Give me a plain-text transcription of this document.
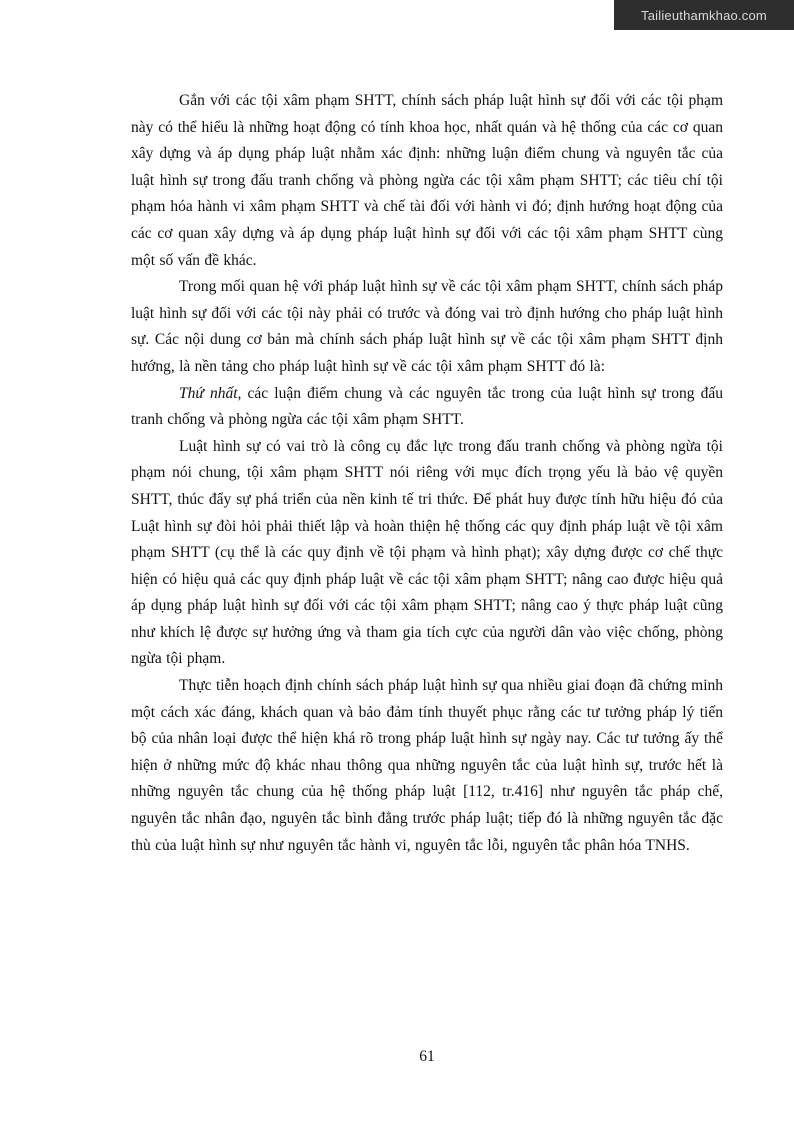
Tailieuthamkhao.com

Gắn với các tội xâm phạm SHTT, chính sách pháp luật hình sự đối với các tội phạm này có thể hiểu là những hoạt động có tính khoa học, nhất quán và hệ thống của các cơ quan xây dựng và áp dụng pháp luật nhằm xác định: những luận điểm chung và nguyên tắc của luật hình sự trong đấu tranh chống và phòng ngừa các tội xâm phạm SHTT; các tiêu chí tội phạm hóa hành vi xâm phạm SHTT và chế tài đối với hành vi đó; định hướng hoạt động của các cơ quan xây dựng và áp dụng pháp luật hình sự đối với các tội xâm phạm SHTT cùng một số vấn đề khác.

Trong mối quan hệ với pháp luật hình sự về các tội xâm phạm SHTT, chính sách pháp luật hình sự đối với các tội này phải có trước và đóng vai trò định hướng cho pháp luật hình sự. Các nội dung cơ bản mà chính sách pháp luật hình sự về các tội xâm phạm SHTT định hướng, là nền tảng cho pháp luật hình sự về các tội xâm phạm SHTT đó là:

Thứ nhất, các luận điểm chung và các nguyên tắc trong của luật hình sự trong đấu tranh chống và phòng ngừa các tội xâm phạm SHTT.

Luật hình sự có vai trò là công cụ đắc lực trong đấu tranh chống và phòng ngừa tội phạm nói chung, tội xâm phạm SHTT nói riêng với mục đích trọng yếu là bảo vệ quyền SHTT, thúc đẩy sự phá triển của nền kinh tế tri thức. Để phát huy được tính hữu hiệu đó của Luật hình sự đòi hỏi phải thiết lập và hoàn thiện hệ thống các quy định pháp luật về tội xâm phạm SHTT (cụ thể là các quy định về tội phạm và hình phạt); xây dựng được cơ chế thực hiện có hiệu quả các quy định pháp luật về các tội xâm phạm SHTT; nâng cao được hiệu quả áp dụng pháp luật hình sự đối với các tội xâm phạm SHTT; nâng cao ý thực pháp luật cũng như khích lệ được sự hưởng ứng và tham gia tích cực của người dân vào việc chống, phòng ngừa tội phạm.

Thực tiễn hoạch định chính sách pháp luật hình sự qua nhiều giai đoạn đã chứng minh một cách xác đáng, khách quan và bảo đảm tính thuyết phục rằng các tư tưởng pháp lý tiến bộ của nhân loại được thể hiện khá rõ trong pháp luật hình sự ngày nay. Các tư tưởng ấy thể hiện ở những mức độ khác nhau thông qua những nguyên tắc của luật hình sự, trước hết là những nguyên tắc chung của hệ thống pháp luật [112, tr.416] như nguyên tắc pháp chế, nguyên tắc nhân đạo, nguyên tắc bình đẳng trước pháp luật; tiếp đó là những nguyên tắc đặc thù của luật hình sự như nguyên tắc hành vi, nguyên tắc lỗi, nguyên tắc phân hóa TNHS.

61
